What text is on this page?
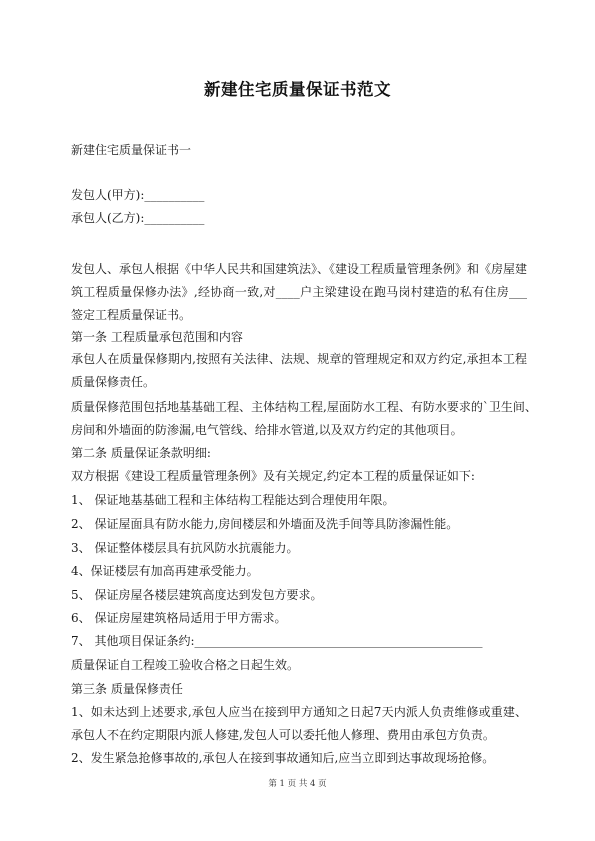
新建住宅质量保证书范文
新建住宅质量保证书一
发包人(甲方):__________
承包人(乙方):__________
发包人、承包人根据《中华人民共和国建筑法》、《建设工程质量管理条例》和《房屋建
筑工程质量保修办法》,经协商一致,对____户主梁建设在跑马岗村建造的私有住房___
签定工程质量保证书。
第一条 工程质量承包范围和内容
承包人在质量保修期内,按照有关法律、法规、规章的管理规定和双方约定,承担本工程
质量保修责任。
质量保修范围包括地基基础工程、主体结构工程,屋面防水工程、有防水要求的`卫生间、
房间和外墙面的防渗漏,电气管线、给排水管道,以及双方约定的其他项目。
第二条 质量保证条款明细:
双方根据《建设工程质量管理条例》及有关规定,约定本工程的质量保证如下:
1、 保证地基基础工程和主体结构工程能达到合理使用年限。
2、 保证屋面具有防水能力,房间楼层和外墙面及洗手间等具防渗漏性能。
3、 保证整体楼层具有抗风防水抗震能力。
4、保证楼层有加高再建承受能力。
5、 保证房屋各楼层建筑高度达到发包方要求。
6、 保证房屋建筑格局适用于甲方需求。
7、 其他项目保证条约:________________________________________________
质量保证自工程竣工验收合格之日起生效。
第三条 质量保修责任
1、如未达到上述要求,承包人应当在接到甲方通知之日起7天内派人负责维修或重建、
承包人不在约定期限内派人修建,发包人可以委托他人修理、费用由承包方负责。
2、发生紧急抢修事故的,承包人在接到事故通知后,应当立即到达事故现场抢修。
第 1 页 共 4 页
